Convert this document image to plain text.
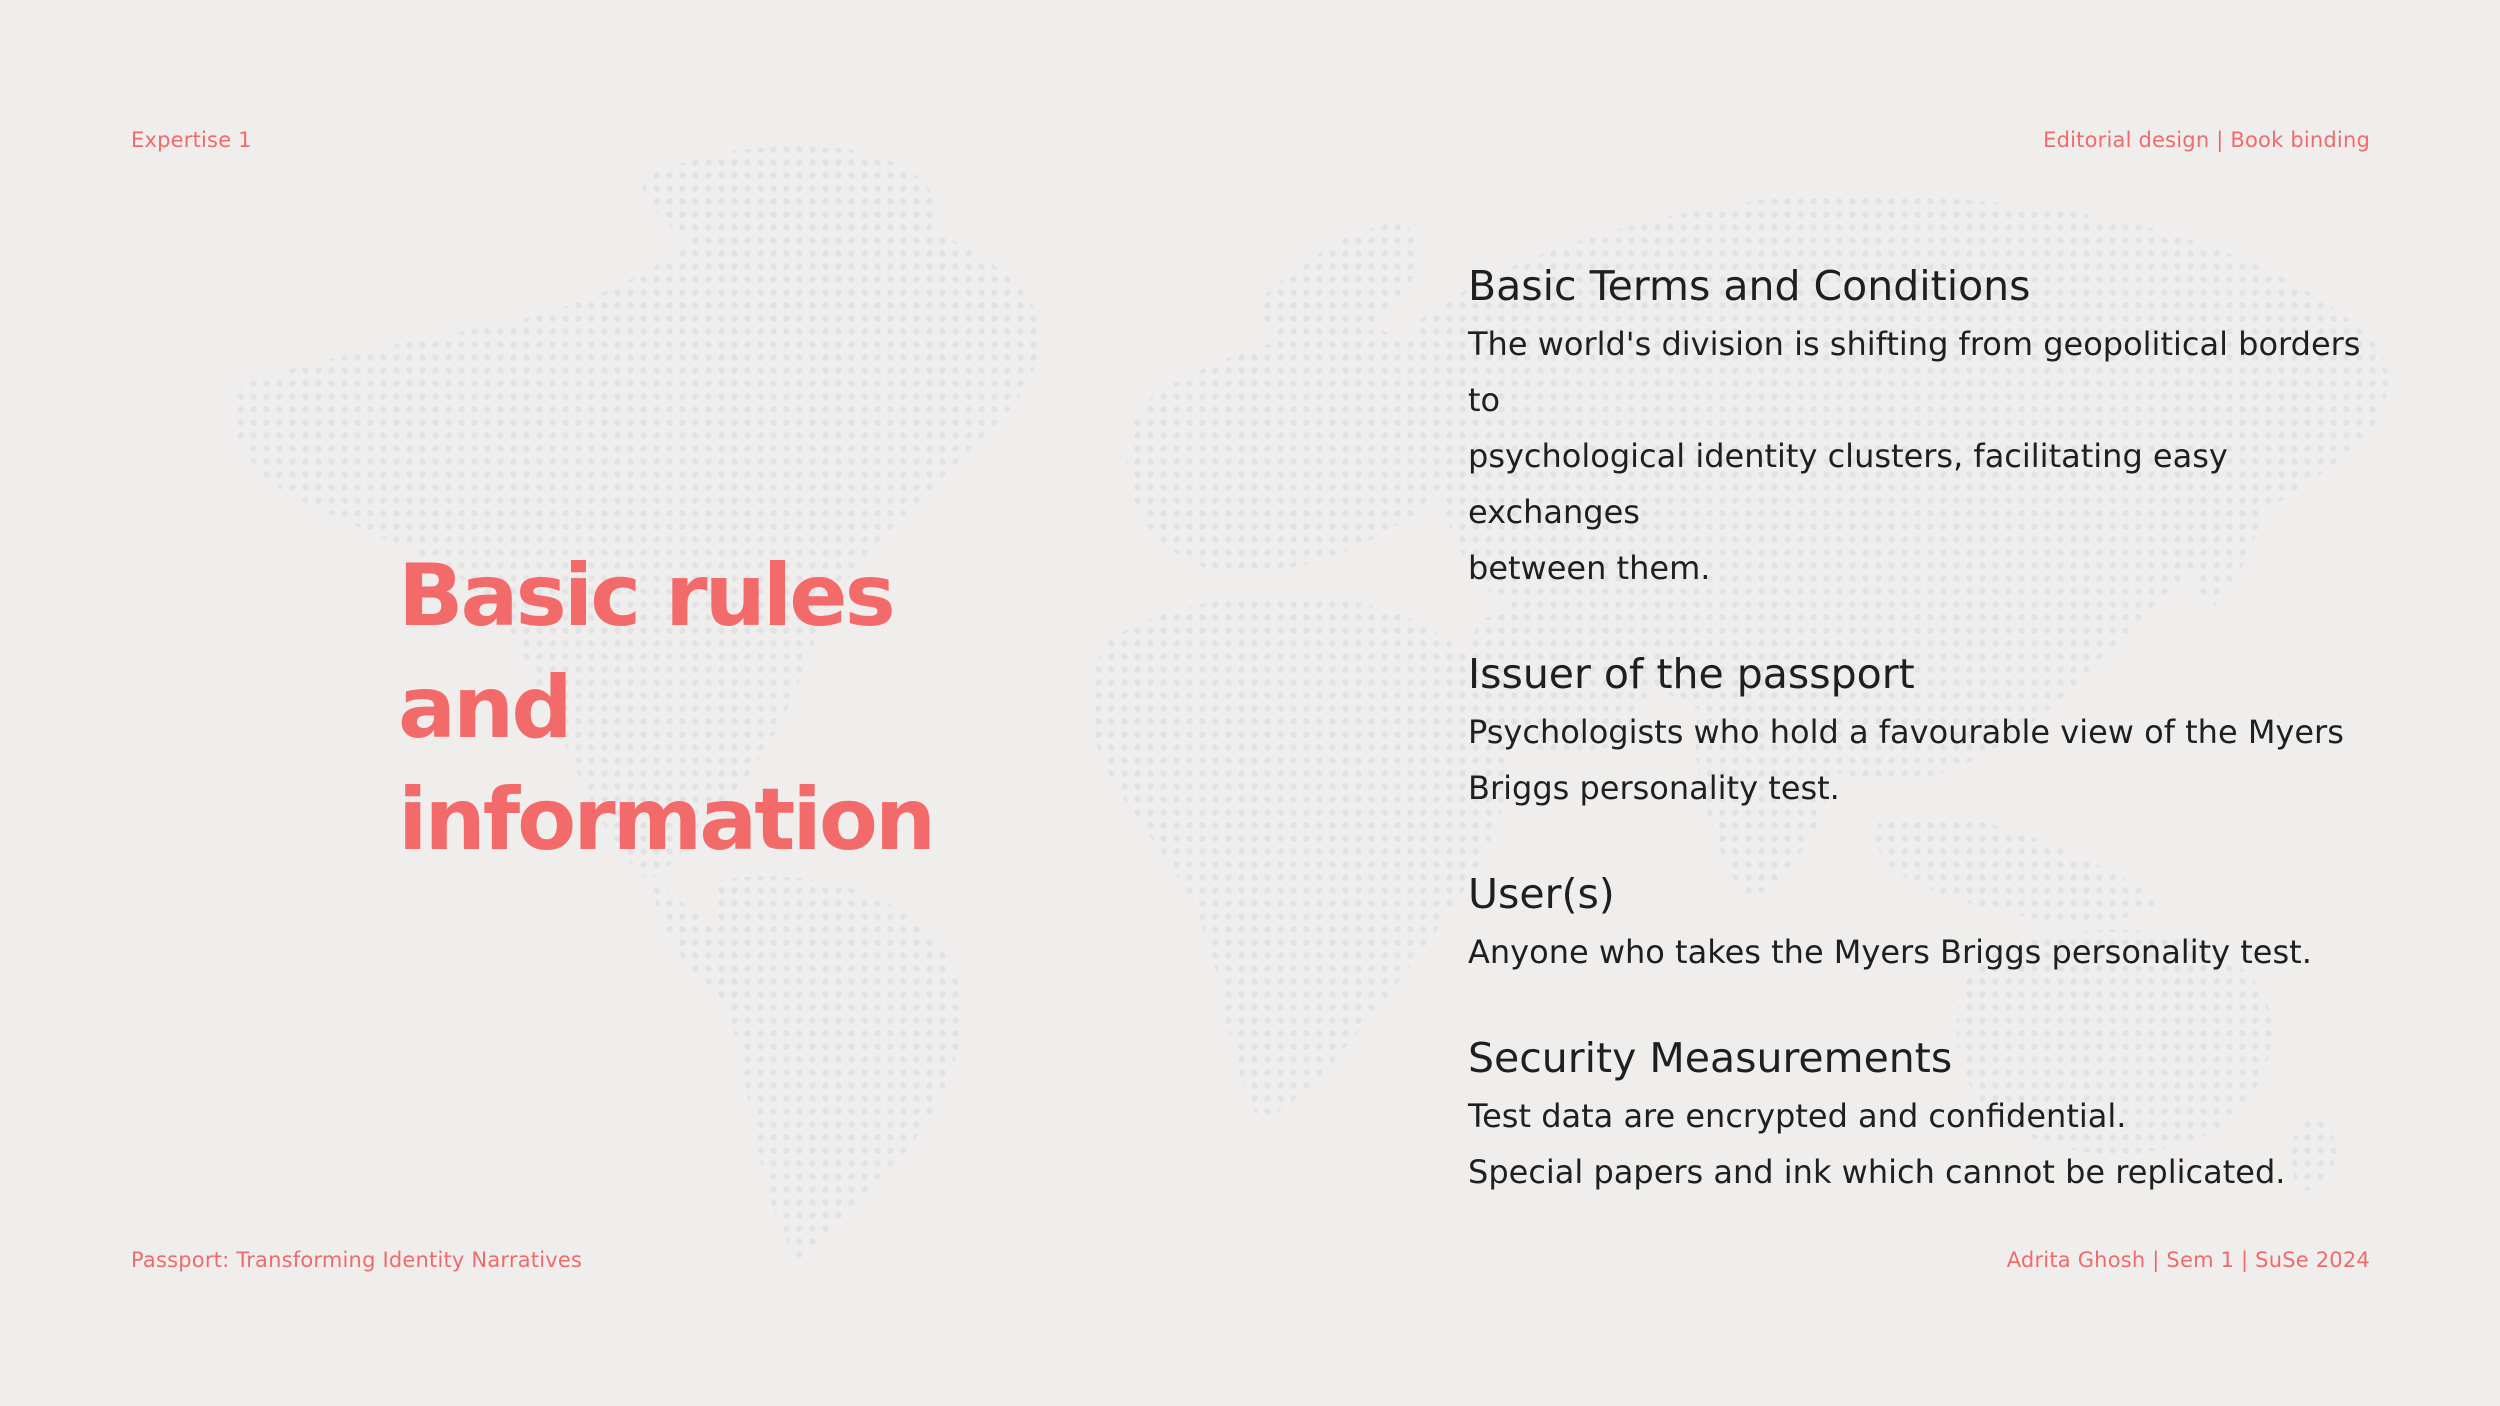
Expertise 1	Editorial design | Book binding
Passport: Transforming Identity Narratives	Adrita Ghosh | Sem 1 | SuSe 2024
Basic rules
and
information
Basic Terms and Conditions

The world's division is shifting from geopolitical borders to
psychological identity clusters, facilitating easy exchanges
between them.

Issuer of the passport

Psychologists who hold a favourable view of the Myers
Briggs personality test.

User(s)

Anyone who takes the Myers Briggs personality test.

Security Measurements

Test data are encrypted and confidential.
Special papers and ink which cannot be replicated.
